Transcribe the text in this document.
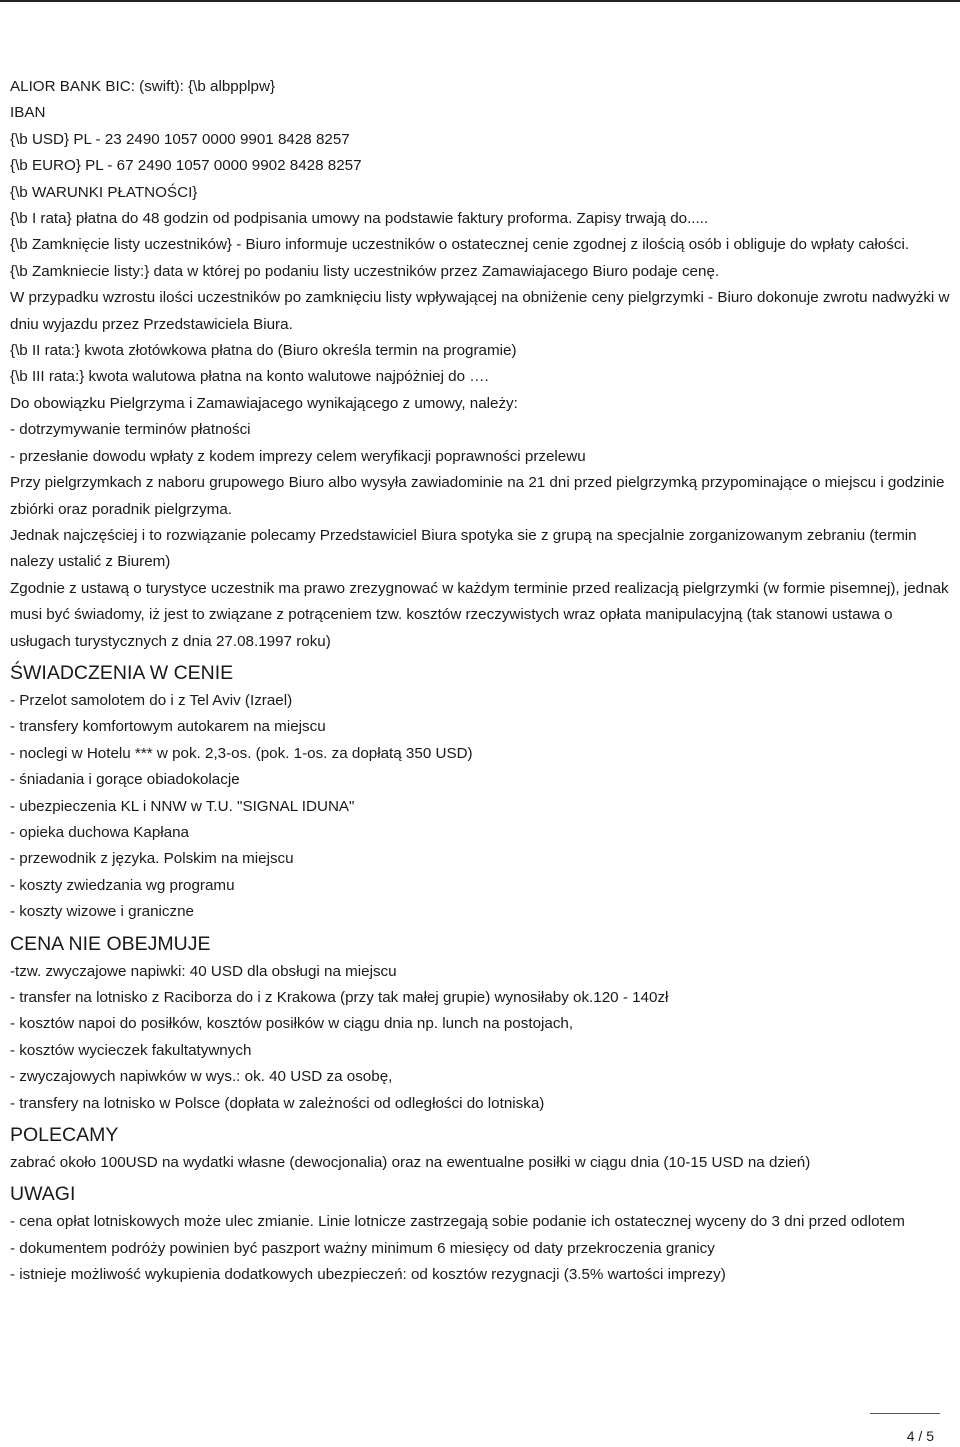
ALIOR BANK BIC: (swift): {\b albpplpw}

IBAN

{\b USD} PL - 23 2490 1057 0000 9901 8428 8257

{\b EURO} PL - 67 2490 1057 0000 9902 8428 8257

{\b WARUNKI PŁATNOŚCI}

{\b I rata} płatna do 48 godzin od podpisania umowy na podstawie faktury proforma. Zapisy trwają do.....

{\b Zamknięcie listy uczestników} - Biuro informuje uczestników o ostatecznej cenie zgodnej z ilością osób i obliguje do wpłaty całości.

{\b Zamkniecie listy:} data w której po podaniu listy uczestników przez Zamawiajacego Biuro podaje cenę.

W przypadku wzrostu ilości uczestników po zamknięciu listy wpływającej na obniżenie ceny pielgrzymki - Biuro dokonuje zwrotu nadwyżki w dniu wyjazdu przez Przedstawiciela Biura.

{\b II rata:} kwota złotówkowa płatna do (Biuro określa termin na programie)

{\b III rata:} kwota walutowa płatna na konto walutowe najpóżniej do ….

Do obowiązku Pielgrzyma i Zamawiajacego wynikającego z umowy, należy:

- dotrzymywanie terminów płatności

- przesłanie dowodu wpłaty z kodem imprezy celem weryfikacji poprawności przelewu

Przy pielgrzymkach z naboru grupowego Biuro albo wysyła zawiadominie na 21 dni przed pielgrzymką przypominające o miejscu i godzinie zbiórki oraz poradnik pielgrzyma.

Jednak najczęściej i to rozwiązanie polecamy Przedstawiciel Biura spotyka sie z grupą na specjalnie zorganizowanym zebraniu (termin nalezy ustalić z Biurem)

Zgodnie z ustawą o turystyce uczestnik ma prawo zrezygnować w każdym terminie przed realizacją pielgrzymki (w formie pisemnej), jednak musi być świadomy, iż jest to związane z potrąceniem tzw. kosztów rzeczywistych wraz opłata manipulacyjną (tak stanowi ustawa o usługach turystycznych z dnia 27.08.1997 roku)

ŚWIADCZENIA W CENIE

- Przelot samolotem do i z Tel Aviv (Izrael)

- transfery komfortowym autokarem na miejscu

- noclegi w Hotelu *** w pok. 2,3-os. (pok. 1-os. za dopłatą 350 USD)

- śniadania i gorące obiadokolacje

- ubezpieczenia KL i NNW w T.U. "SIGNAL IDUNA"

- opieka duchowa Kapłana

- przewodnik z języka. Polskim na miejscu

- koszty zwiedzania wg programu

- koszty wizowe i graniczne

CENA NIE OBEJMUJE

-tzw. zwyczajowe napiwki: 40 USD dla obsługi na miejscu

- transfer na lotnisko z Raciborza do i z Krakowa (przy tak małej grupie) wynosiłaby ok.120 - 140zł

- kosztów napoi do posiłków, kosztów posiłków w ciągu dnia np. lunch na postojach,

- kosztów wycieczek fakultatywnych

- zwyczajowych napiwków w wys.: ok. 40 USD za osobę,

- transfery na lotnisko w Polsce (dopłata w zależności od odległości do lotniska)

POLECAMY

zabrać około 100USD na wydatki własne (dewocjonalia) oraz na ewentualne posiłki w ciągu dnia (10-15 USD na dzień)

UWAGI

- cena opłat lotniskowych może ulec zmianie. Linie lotnicze zastrzegają sobie podanie ich ostatecznej wyceny do 3 dni przed odlotem

- dokumentem podróży powinien być paszport ważny minimum 6 miesięcy od daty przekroczenia granicy

- istnieje możliwość wykupienia dodatkowych ubezpieczeń: od kosztów rezygnacji (3.5% wartości imprezy)

4 / 5
